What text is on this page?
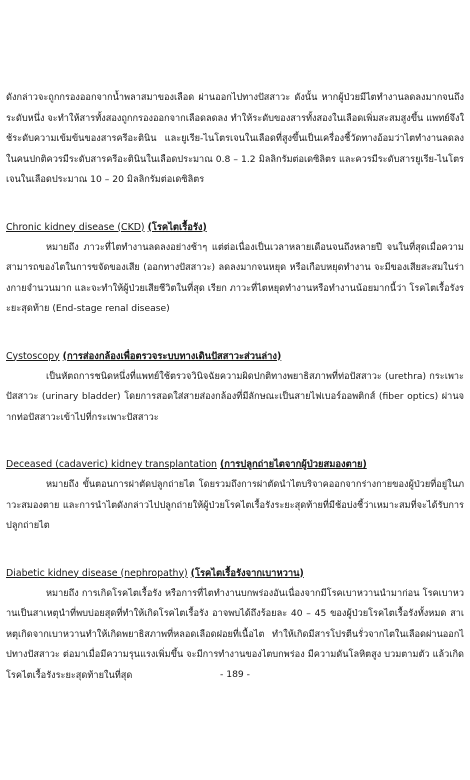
ดังกล่าวจะถูกกรองออกจากน้ำพลาสมาของเลือด ผ่านออกไปทางปัสสาวะ ดังนั้น หากผู้ป่วยมีไตทำงานลดลงมากจนถึงระดับหนึ่ง จะทำให้สารทั้งสองถูกกรองออกจากเลือดลดลง ทำให้ระดับของสารทั้งสองในเลือดเพิ่มสะสมสูงขึ้น แพทย์จึงใช้ระดับความเข้มข้นของสารครีอะตินิน และยูเรีย-ไนโตรเจนในเลือดที่สูงขึ้นเป็นเครื่องชี้วัดทางอ้อมว่าไตทำงานลดลง ในคนปกติควรมีระดับสารครีอะตินินในเลือดประมาณ 0.8 – 1.2 มิลลิกรัมต่อเดซิลิตร และควรมีระดับสารยูเรีย-ไนโตรเจนในเลือดประมาณ 10 – 20 มิลลิกรัมต่อเดซิลิตร

Chronic kidney disease (CKD) (โรคไตเรื้อรัง)

หมายถึง ภาวะที่ไตทำงานลดลงอย่างช้าๆ แต่ต่อเนื่องเป็นเวลาหลายเดือนจนถึงหลายปี จนในที่สุดเมื่อความสามารถของไตในการขจัดของเสีย (ออกทางปัสสาวะ) ลดลงมากจนหยุด หรือเกือบหยุดทำงาน จะมีของเสียสะสมในร่างกายจำนวนมาก และจะทำให้ผู้ป่วยเสียชีวิตในที่สุด เรียก ภาวะที่ไตหยุดทำงานหรือทำงานน้อยมากนี้ว่า โรคไตเรื้อรังระยะสุดท้าย (End-stage renal disease)

Cystoscopy (การส่องกล้องเพื่อตรวจระบบทางเดินปัสสาวะส่วนล่าง)

เป็นหัตถการชนิดหนึ่งที่แพทย์ใช้ตรวจวินิจฉัยความผิดปกติทางพยาธิสภาพที่ท่อปัสสาวะ (urethra) กระเพาะปัสสาวะ (urinary bladder) โดยการสอดใส่สายส่องกล้องที่มีลักษณะเป็นสายไฟเบอร์ออพติกส์ (fiber optics) ผ่านจากท่อปัสสาวะเข้าไปที่กระเพาะปัสสาวะ

Deceased (cadaveric) kidney transplantation (การปลูกถ่ายไตจากผู้ป่วยสมองตาย)

หมายถึง ขั้นตอนการผ่าตัดปลูกถ่ายไต โดยรวมถึงการผ่าตัดนำไตบริจาคออกจากร่างกายของผู้ป่วยที่อยู่ในภาวะสมองตาย และการนำไตดังกล่าวไปปลูกถ่ายให้ผู้ป่วยโรคไตเรื้อรังระยะสุดท้ายที่มีช้อบ่งชี้ว่าเหมาะสมที่จะได้รับการปลูกถ่ายไต

Diabetic kidney disease (nephropathy) (โรคไตเรื้อรังจากเบาหวาน)

หมายถึง การเกิดโรคไตเรื้อรัง หรือการที่ไตทำงานบกพร่องอันเนื่องจากมีโรคเบาหวานนำมาก่อน โรคเบาหวานเป็นสาเหตุนำที่พบบ่อยสุดที่ทำให้เกิดโรคไตเรื้อรัง อาจพบได้ถึงร้อยละ 40 – 45 ของผู้ป่วยโรคไตเรื้อรังทั้งหมด สาเหตุเกิดจากเบาหวานทำให้เกิดพยาธิสภาพที่หลอดเลือดฝอยที่เนื้อไต ทำให้เกิดมีสารโปรตีนรั่วจากไตในเลือดผ่านออกไปทางปัสสาวะ ต่อมาเมื่อมีความรุนแรงเพิ่มขึ้น จะมีการทำงานของไตบกพร่อง มีความดันโลหิตสูง บวมตามตัว แล้วเกิดโรคไตเรื้อรังระยะสุดท้ายในที่สุด	- 189 -
